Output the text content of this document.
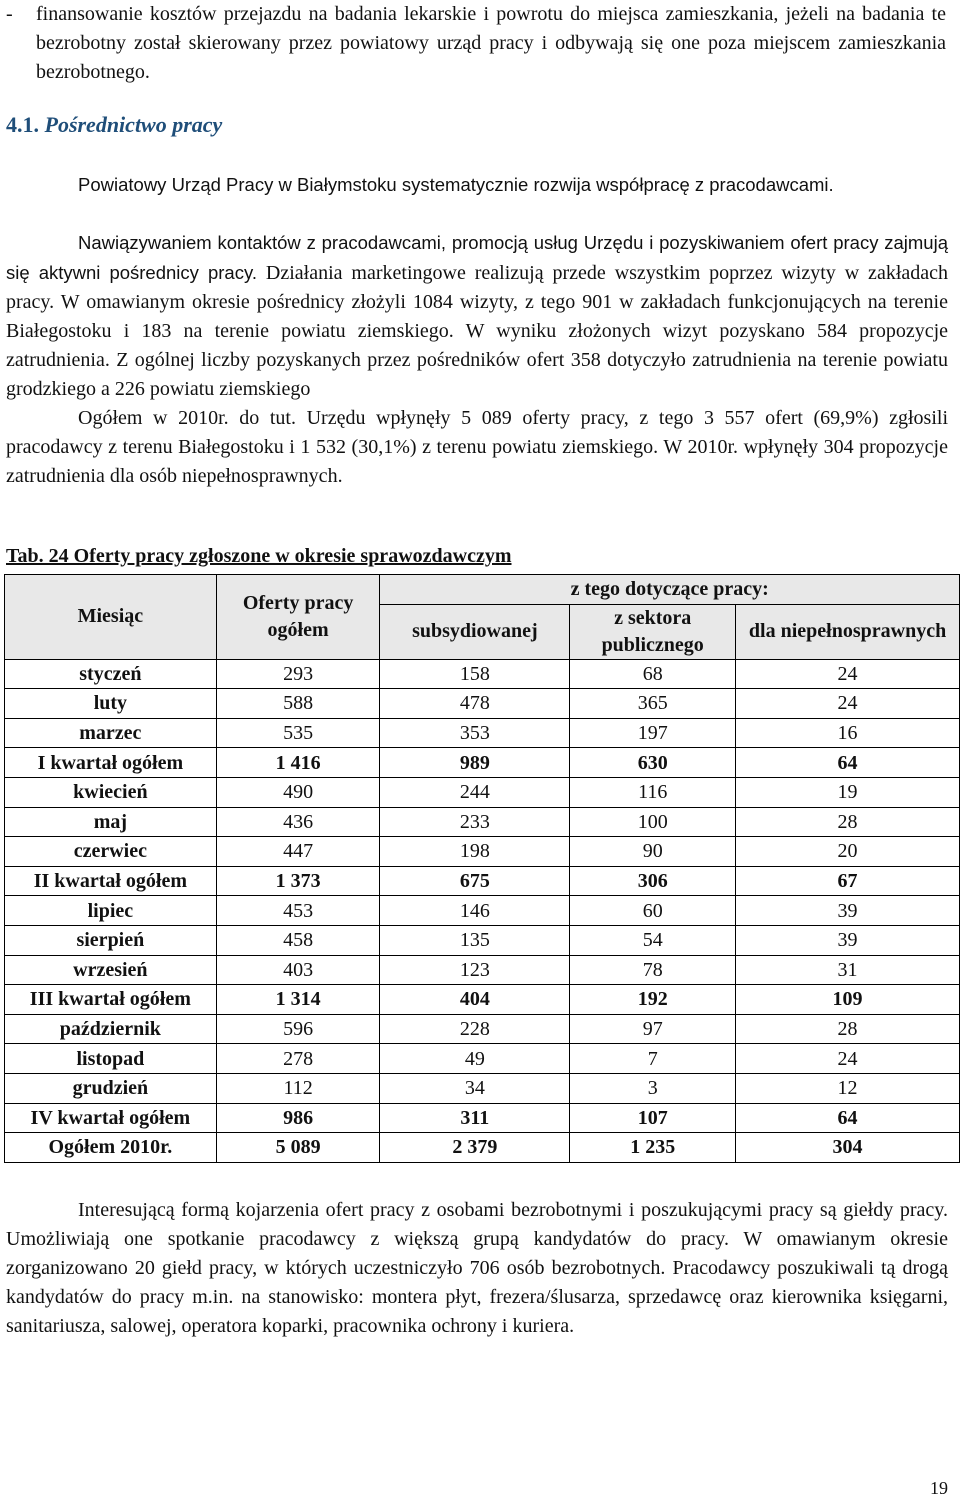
- finansowanie kosztów przejazdu na badania lekarskie i powrotu do miejsca zamieszkania, jeżeli na badania te bezrobotny został skierowany przez powiatowy urząd pracy i odbywają się one poza miejscem zamieszkania bezrobotnego.
4.1. Pośrednictwo pracy
Powiatowy Urząd Pracy w Białymstoku systematycznie rozwija współpracę z pracodawcami.
Nawiązywaniem kontaktów z pracodawcami, promocją usług Urzędu i pozyskiwaniem ofert pracy zajmują się aktywni pośrednicy pracy. Działania marketingowe realizują przede wszystkim poprzez wizyty w zakładach pracy. W omawianym okresie pośrednicy złożyli 1084 wizyty, z tego 901 w zakładach funkcjonujących na terenie Białegostoku i 183 na terenie powiatu ziemskiego. W wyniku złożonych wizyt pozyskano 584 propozycje zatrudnienia. Z ogólnej liczby pozyskanych przez pośredników ofert 358 dotyczyło zatrudnienia na terenie powiatu grodzkiego a 226 powiatu ziemskiego
Ogółem w 2010r. do tut. Urzędu wpłynęły 5 089 oferty pracy, z tego 3 557 ofert (69,9%) zgłosili pracodawcy z terenu Białegostoku i 1 532 (30,1%) z terenu powiatu ziemskiego. W 2010r. wpłynęły 304 propozycje zatrudnienia dla osób niepełnosprawnych.
Tab. 24 Oferty pracy zgłoszone w okresie sprawozdawczym
Miesiąc	Oferty pracy ogółem	z tego dotyczące pracy:		
		subsydiowanej	z sektora publicznego	dla niepełnosprawnych
styczeń	293	158	68	24
luty	588	478	365	24
marzec	535	353	197	16
I kwartał ogółem	1 416	989	630	64
kwiecień	490	244	116	19
maj	436	233	100	28
czerwiec	447	198	90	20
II kwartał ogółem	1 373	675	306	67
lipiec	453	146	60	39
sierpień	458	135	54	39
wrzesień	403	123	78	31
III kwartał ogółem	1 314	404	192	109
październik	596	228	97	28
listopad	278	49	7	24
grudzień	112	34	3	12
IV kwartał ogółem	986	311	107	64
Ogółem 2010r.	5 089	2 379	1 235	304
Interesującą formą kojarzenia ofert pracy z osobami bezrobotnymi i poszukującymi pracy są giełdy pracy. Umożliwiają one spotkanie pracodawcy z większą grupą kandydatów do pracy. W omawianym okresie zorganizowano 20 giełd pracy, w których uczestniczyło 706 osób bezrobotnych. Pracodawcy poszukiwali tą drogą kandydatów do pracy m.in. na stanowisko: montera płyt, frezera/ślusarza, sprzedawcę oraz kierownika księgarni, sanitariusza, salowej, operatora koparki, pracownika ochrony i kuriera.
19
